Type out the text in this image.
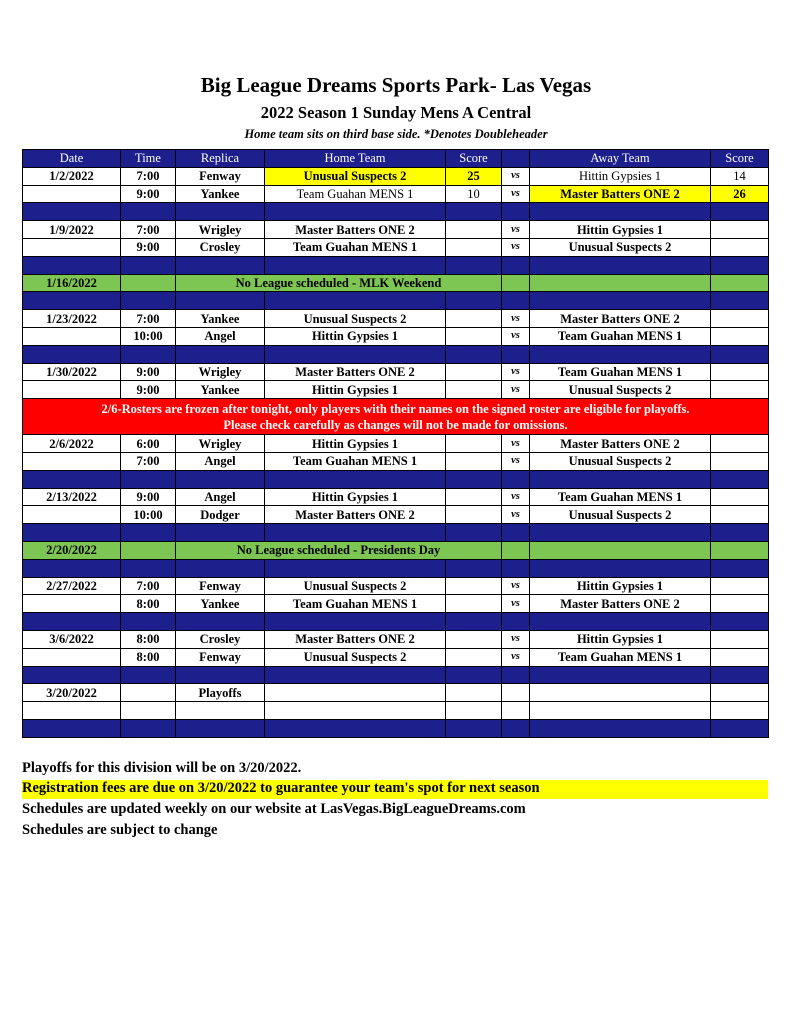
Big League Dreams Sports Park- Las Vegas
2022 Season 1 Sunday Mens A Central
Home team sits on third base side. *Denotes Doubleheader
Date	Time	Replica	Home Team	Score		Away Team	Score
1/2/2022	7:00	Fenway	Unusual Suspects 2	25	vs	Hittin Gypsies 1	14
	9:00	Yankee	Team Guahan MENS 1	10	vs	Master Batters ONE 2	26

1/9/2022	7:00	Wrigley	Master Batters ONE 2		vs	Hittin Gypsies 1	
	9:00	Crosley	Team Guahan MENS 1		vs	Unusual Suspects 2	

1/16/2022		No League scheduled - MLK Weekend					

1/23/2022	7:00	Yankee	Unusual Suspects 2		vs	Master Batters ONE 2	
	10:00	Angel	Hittin Gypsies 1		vs	Team Guahan MENS 1	

1/30/2022	9:00	Wrigley	Master Batters ONE 2		vs	Team Guahan MENS 1	
	9:00	Yankee	Hittin Gypsies 1		vs	Unusual Suspects 2	

2/6-Rosters are frozen after tonight, only players with their names on the signed roster are eligible for playoffs.
Please check carefully as changes will not be made for omissions.							

2/6/2022	6:00	Wrigley	Hittin Gypsies 1		vs	Master Batters ONE 2	
	7:00	Angel	Team Guahan MENS 1		vs	Unusual Suspects 2	

2/13/2022	9:00	Angel	Hittin Gypsies 1		vs	Team Guahan MENS 1	
	10:00	Dodger	Master Batters ONE 2		vs	Unusual Suspects 2	

2/20/2022		No League scheduled - Presidents Day					

2/27/2022	7:00	Fenway	Unusual Suspects 2		vs	Hittin Gypsies 1	
	8:00	Yankee	Team Guahan MENS 1		vs	Master Batters ONE 2	

3/6/2022	8:00	Crosley	Master Batters ONE 2		vs	Hittin Gypsies 1	
	8:00	Fenway	Unusual Suspects 2		vs	Team Guahan MENS 1	

3/20/2022		Playoffs					

Playoffs for this division will be on 3/20/2022.
Registration fees are due on 3/20/2022 to guarantee your team's spot for next season
Schedules are updated weekly on our website at LasVegas.BigLeagueDreams.com
Schedules are subject to change
